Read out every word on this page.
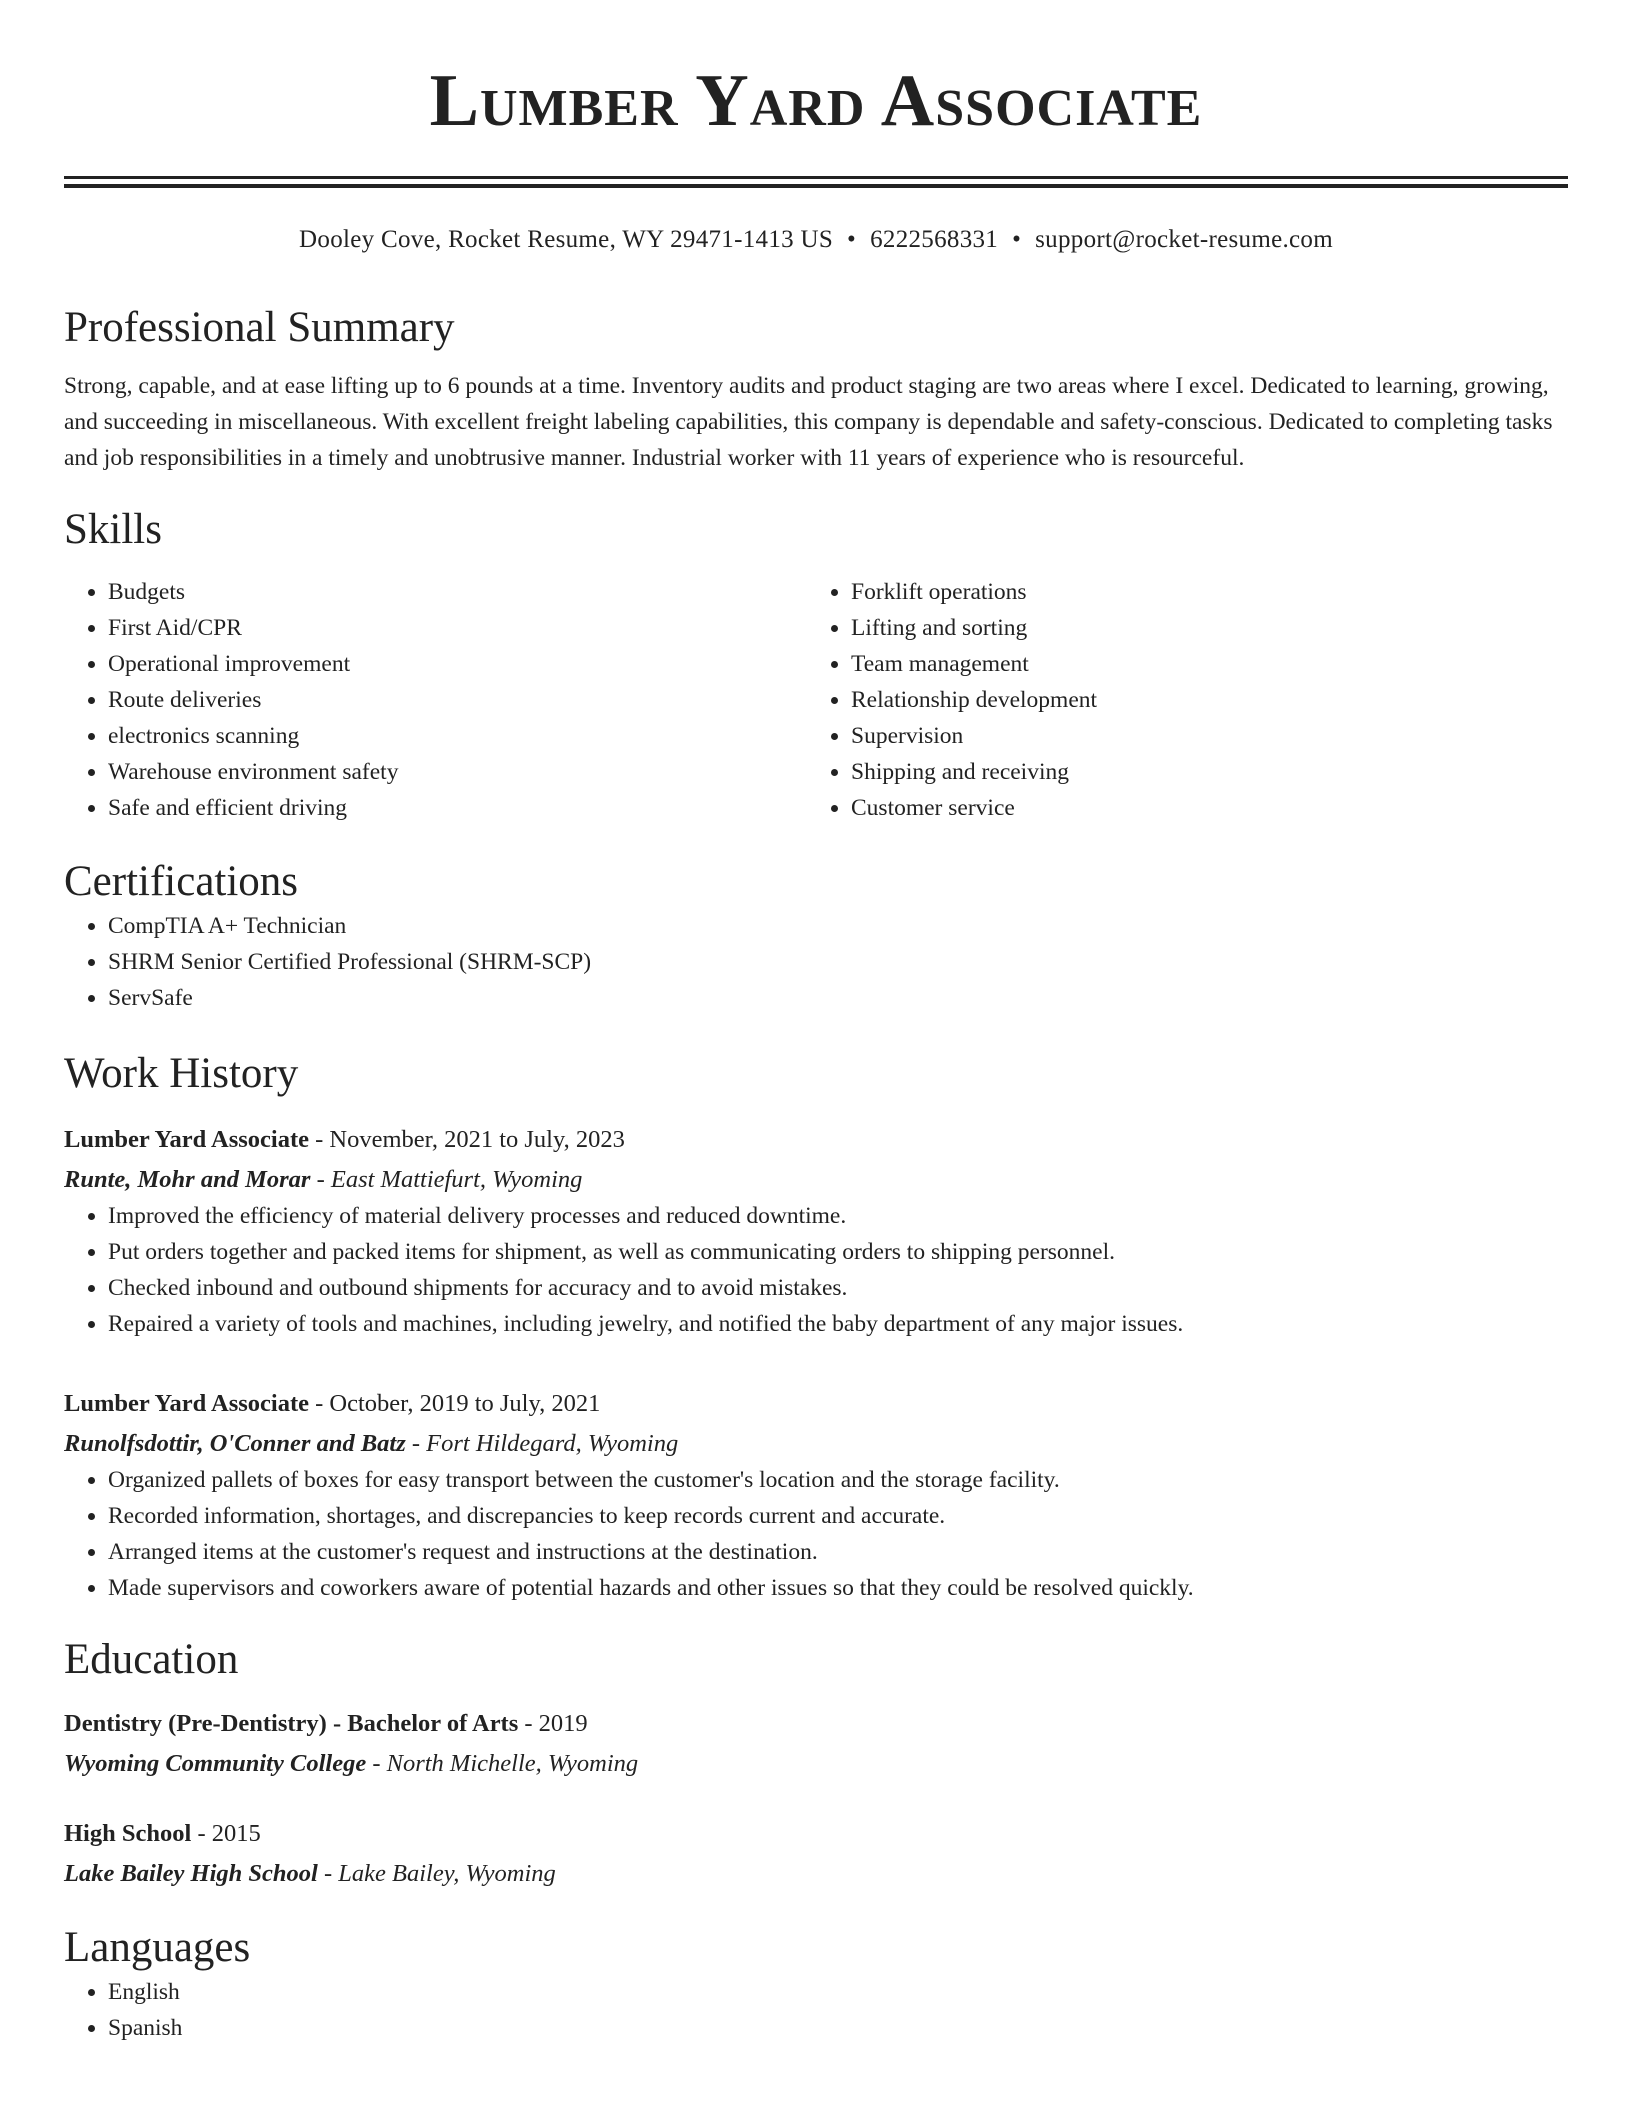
Lumber Yard Associate
Dooley Cove, Rocket Resume, WY 29471-1413 US • 6222568331 • support@rocket-resume.com
Professional Summary
Strong, capable, and at ease lifting up to 6 pounds at a time. Inventory audits and product staging are two areas where I excel. Dedicated to learning, growing, and succeeding in miscellaneous. With excellent freight labeling capabilities, this company is dependable and safety-conscious. Dedicated to completing tasks and job responsibilities in a timely and unobtrusive manner. Industrial worker with 11 years of experience who is resourceful.
Skills
• Budgets
• First Aid/CPR
• Operational improvement
• Route deliveries
• electronics scanning
• Warehouse environment safety
• Safe and efficient driving
• Forklift operations
• Lifting and sorting
• Team management
• Relationship development
• Supervision
• Shipping and receiving
• Customer service
Certifications
• CompTIA A+ Technician
• SHRM Senior Certified Professional (SHRM-SCP)
• ServSafe
Work History
Lumber Yard Associate - November, 2021 to July, 2023
Runte, Mohr and Morar - East Mattiefurt, Wyoming
• Improved the efficiency of material delivery processes and reduced downtime.
• Put orders together and packed items for shipment, as well as communicating orders to shipping personnel.
• Checked inbound and outbound shipments for accuracy and to avoid mistakes.
• Repaired a variety of tools and machines, including jewelry, and notified the baby department of any major issues.
Lumber Yard Associate - October, 2019 to July, 2021
Runolfsdottir, O'Conner and Batz - Fort Hildegard, Wyoming
• Organized pallets of boxes for easy transport between the customer's location and the storage facility.
• Recorded information, shortages, and discrepancies to keep records current and accurate.
• Arranged items at the customer's request and instructions at the destination.
• Made supervisors and coworkers aware of potential hazards and other issues so that they could be resolved quickly.
Education
Dentistry (Pre-Dentistry) - Bachelor of Arts - 2019
Wyoming Community College - North Michelle, Wyoming
High School - 2015
Lake Bailey High School - Lake Bailey, Wyoming
Languages
• English
• Spanish
